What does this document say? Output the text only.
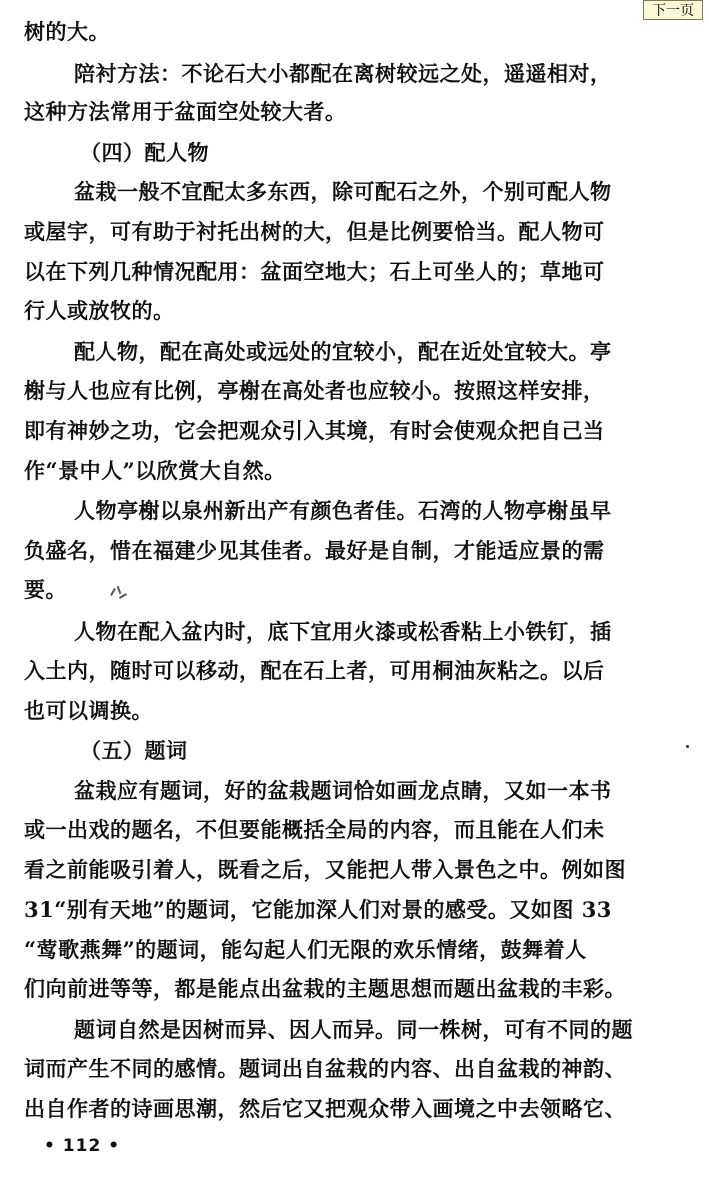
下一页
树的大。
陪衬方法：不论石大小都配在离树较远之处，遥遥相对，
这种方法常用于盆面空处较大者。
（四）配人物
盆栽一般不宜配太多东西，除可配石之外，个别可配人物
或屋宇，可有助于衬托出树的大，但是比例要恰当。配人物可
以在下列几种情况配用：盆面空地大；石上可坐人的；草地可
行人或放牧的。
配人物，配在高处或远处的宜较小，配在近处宜较大。亭
榭与人也应有比例，亭榭在高处者也应较小。按照这样安排，
即有神妙之功，它会把观众引入其境，有时会使观众把自己当
作“景中人”以欣赏大自然。
人物亭榭以泉州新出产有颜色者佳。石湾的人物亭榭虽早
负盛名，惜在福建少见其佳者。最好是自制，才能适应景的需
要。
人物在配入盆内时，底下宜用火漆或松香粘上小铁钉，插
入土内，随时可以移动，配在石上者，可用桐油灰粘之。以后
也可以调换。
（五）题词
盆栽应有题词，好的盆栽题词恰如画龙点睛，又如一本书
或一出戏的题名，不但要能概括全局的内容，而且能在人们未
看之前能吸引着人，既看之后，又能把人带入景色之中。例如图
31“别有天地”的题词，它能加深人们对景的感受。又如图 33
“莺歌燕舞”的题词，能勾起人们无限的欢乐情绪，鼓舞着人
们向前进等等，都是能点出盆栽的主题思想而题出盆栽的丰彩。
题词自然是因树而异、因人而异。同一株树，可有不同的题
词而产生不同的感情。题词出自盆栽的内容、出自盆栽的神韵、
出自作者的诗画思潮，然后它又把观众带入画境之中去领略它、
• 112 •
